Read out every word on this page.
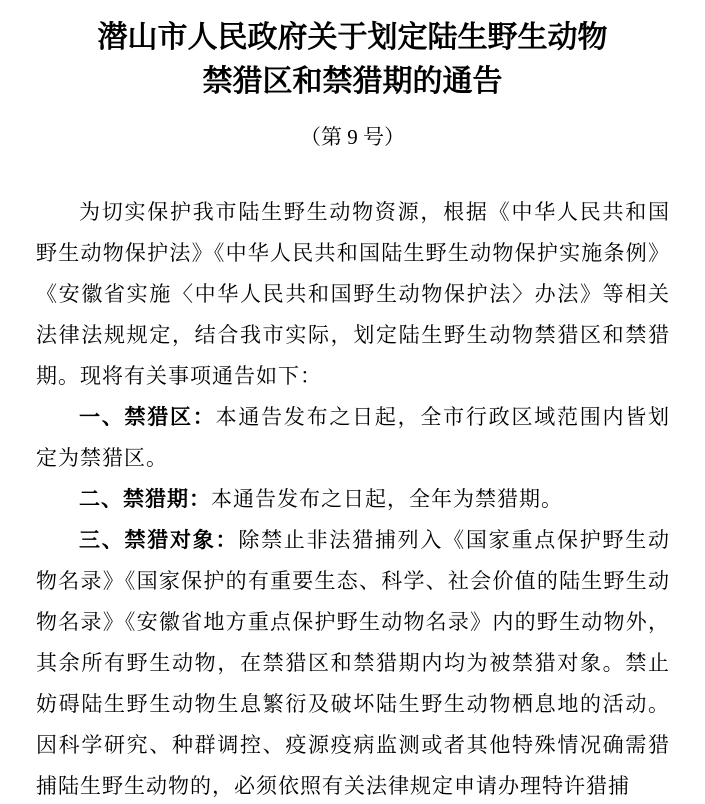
潜山市人民政府关于划定陆生野生动物
禁猎区和禁猎期的通告
（第 9 号）

为切实保护我市陆生野生动物资源，根据《中华人民共和国野生动物保护法》《中华人民共和国陆生野生动物保护实施条例》《安徽省实施〈中华人民共和国野生动物保护法〉办法》等相关法律法规规定，结合我市实际，划定陆生野生动物禁猎区和禁猎期。现将有关事项通告如下：

一、禁猎区：本通告发布之日起，全市行政区域范围内皆划定为禁猎区。

二、禁猎期：本通告发布之日起，全年为禁猎期。

三、禁猎对象：除禁止非法猎捕列入《国家重点保护野生动物名录》《国家保护的有重要生态、科学、社会价值的陆生野生动物名录》《安徽省地方重点保护野生动物名录》内的野生动物外，其余所有野生动物，在禁猎区和禁猎期内均为被禁猎对象。禁止妨碍陆生野生动物生息繁衍及破坏陆生野生动物栖息地的活动。因科学研究、种群调控、疫源疫病监测或者其他特殊情况确需猎捕陆生野生动物的，必须依照有关法律规定申请办理特许猎捕
